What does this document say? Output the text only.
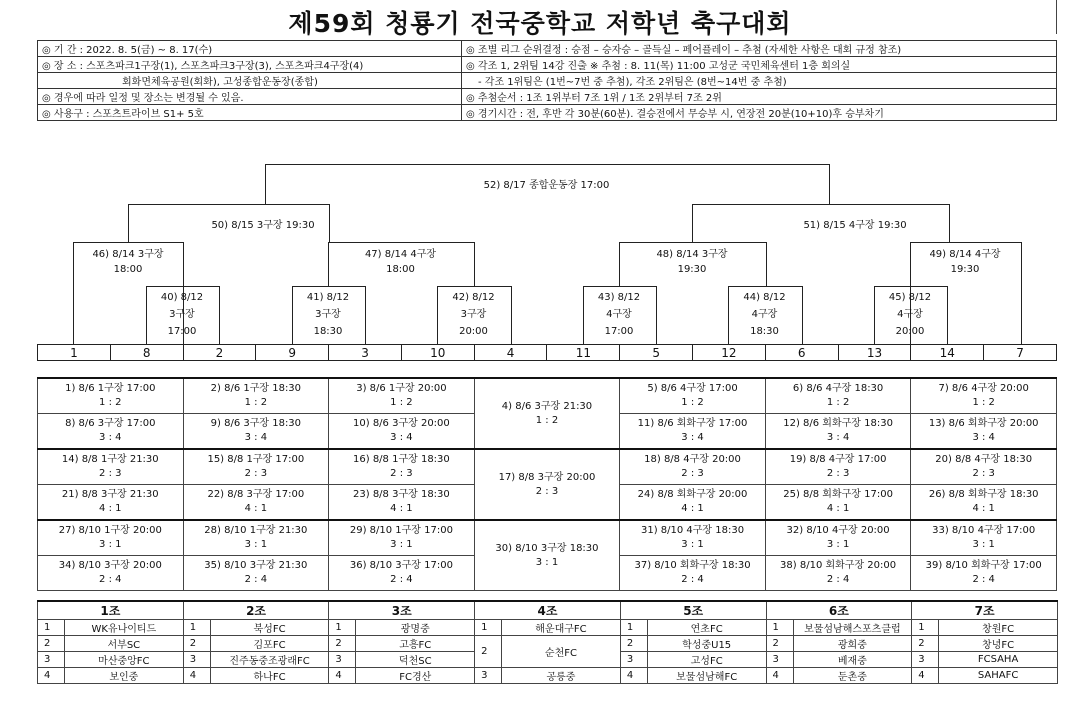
제59회 청룡기 전국중학교 저학년 축구대회
◎ 기 간 : 2022. 8. 5(금) ~ 8. 17(수)	◎ 조별 리그 순위결정 : 승점 – 승자승 – 골득실 – 페어플레이 – 추첨 (자세한 사항은 대회 규정 참조)
◎ 장 소 : 스포츠파크1구장(1), 스포츠파크3구장(3), 스포츠파크4구장(4)	◎ 각조 1, 2위팀 14강 진출 ※ 추첨 : 8. 11(목) 11:00 고성군 국민체육센터 1층 회의실
회화면체육공원(회화), 고성종합운동장(종합)	- 각조 1위팀은 (1번~7번 중 추첨), 각조 2위팀은 (8번~14번 중 추첨)
◎ 경우에 따라 일정 및 장소는 변경될 수 있음.	◎ 추첨순서 : 1조 1위부터 7조 1위 / 1조 2위부터 7조 2위
◎ 사용구 : 스포츠트라이브 S1+ 5호	◎ 경기시간 : 전, 후반 각 30분(60분). 결승전에서 무승부 시, 연장전 20분(10+10)후 승부차기
52) 8/17 종합운동장 17:00
50) 8/15 3구장 19:30	51) 8/15 4구장 19:30
46) 8/14 3구장
18:00
47) 8/14 4구장
18:00
48) 8/14 3구장
19:30
49) 8/14 4구장
19:30
40) 8/12
3구장
17:00
41) 8/12
3구장
18:30
42) 8/12
3구장
20:00
43) 8/12
4구장
17:00
44) 8/12
4구장
18:30
45) 8/12
4구장
20:00
1	8	2	9	3	10	4	11	5	12	6	13	14	7
1) 8/6 1구장 17:00
1 : 2	2) 8/6 1구장 18:30
1 : 2	3) 8/6 1구장 20:00
1 : 2	4) 8/6 3구장 21:30
1 : 2	5) 8/6 4구장 17:00
1 : 2	6) 8/6 4구장 18:30
1 : 2	7) 8/6 4구장 20:00
1 : 2

8) 8/6 3구장 17:00
3 : 4	9) 8/6 3구장 18:30
3 : 4	10) 8/6 3구장 20:00
3 : 4		11) 8/6 회화구장 17:00
3 : 4	12) 8/6 회화구장 18:30
3 : 4	13) 8/6 회화구장 20:00
3 : 4

14) 8/8 1구장 21:30
2 : 3	15) 8/8 1구장 17:00
2 : 3	16) 8/8 1구장 18:30
2 : 3	17) 8/8 3구장 20:00
2 : 3	18) 8/8 4구장 20:00
2 : 3	19) 8/8 4구장 17:00
2 : 3	20) 8/8 4구장 18:30
2 : 3

21) 8/8 3구장 21:30
4 : 1	22) 8/8 3구장 17:00
4 : 1	23) 8/8 3구장 18:30
4 : 1		24) 8/8 회화구장 20:00
4 : 1	25) 8/8 회화구장 17:00
4 : 1	26) 8/8 회화구장 18:30
4 : 1

27) 8/10 1구장 20:00
3 : 1	28) 8/10 1구장 21:30
3 : 1	29) 8/10 1구장 17:00
3 : 1	30) 8/10 3구장 18:30
3 : 1	31) 8/10 4구장 18:30
3 : 1	32) 8/10 4구장 20:00
3 : 1	33) 8/10 4구장 17:00
3 : 1

34) 8/10 3구장 20:00
2 : 4	35) 8/10 3구장 21:30
2 : 4	36) 8/10 3구장 17:00
2 : 4		37) 8/10 회화구장 18:30
2 : 4	38) 8/10 회화구장 20:00
2 : 4	39) 8/10 회화구장 17:00
2 : 4
1조		2조		3조		4조		5조		6조		7조	
1	WK유나이티드	1	북성FC	1	광명중	1	해운대구FC	1	연초FC	1	보물섬남해스포츠클럽	1	창원FC
2	서부SC	2	김포FC	2	고흥FC	2	순천FC	2	학성중U15	2	광희중	2	창녕FC
3	마산중앙FC	3	진주동중조광래FC	3	덕천SC			3	고성FC	3	베재중	3	FCSAHA
4	보인중	4	하나FC	4	FC경산	3	공릉중	4	보물섬남해FC	4	둔촌중	4	SAHAFC
